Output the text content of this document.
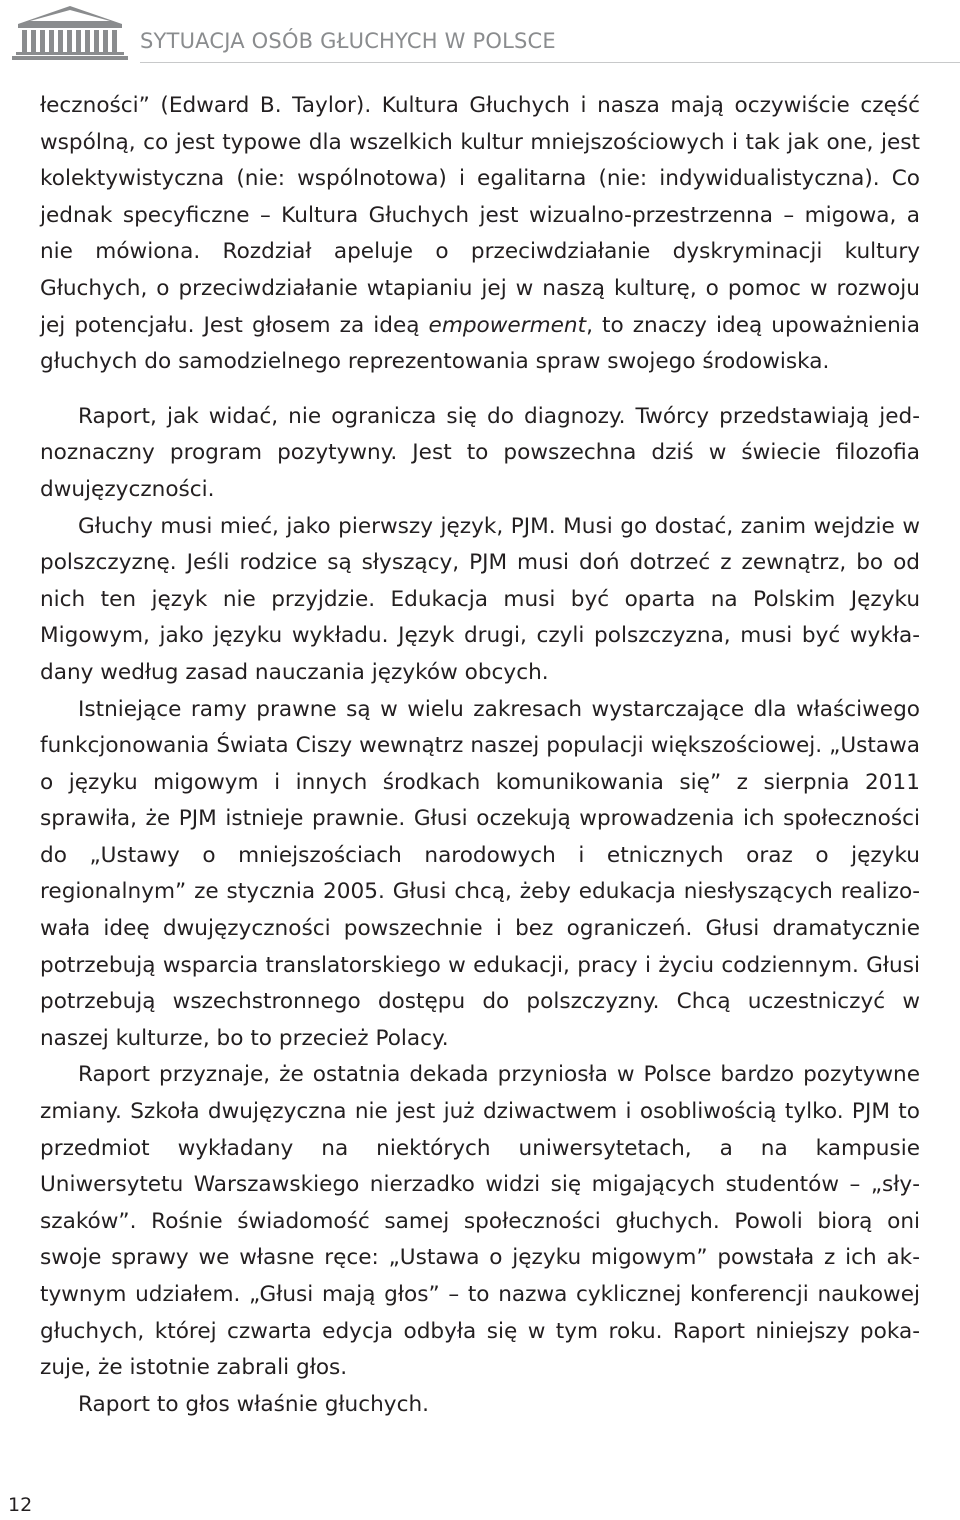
SYTUACJA OSÓB GŁUCHYCH W POLSCE

łeczności” (Edward B. Taylor). Kultura Głuchych i nasza mają oczywiście część wspólną, co jest typowe dla wszelkich kultur mniejszościowych i tak jak one, jest kolektywistyczna (nie: wspólnotowa) i egalitarna (nie: indywidualistyczna). Co jednak specyficzne – Kultura Głuchych jest wizualno-przestrzenna – migowa, a nie mówiona. Rozdział apeluje o przeciwdziałanie dyskryminacji kultury Głuchych, o przeciwdziałanie wtapianiu jej w naszą kulturę, o pomoc w rozwoju jej potencjału. Jest głosem za ideą empowerment, to znaczy ideą upoważnienia głuchych do samodzielnego reprezentowania spraw swojego środowiska.

Raport, jak widać, nie ogranicza się do diagnozy. Twórcy przedstawiają jednoznaczny program pozytywny. Jest to powszechna dziś w świecie filozofia dwujęzyczności.

Głuchy musi mieć, jako pierwszy język, PJM. Musi go dostać, zanim wejdzie w polszczyznę. Jeśli rodzice są słyszący, PJM musi doń dotrzeć z zewnątrz, bo od nich ten język nie przyjdzie. Edukacja musi być oparta na Polskim Języku Migowym, jako języku wykładu. Język drugi, czyli polszczyzna, musi być wykładany według zasad nauczania języków obcych.

Istniejące ramy prawne są w wielu zakresach wystarczające dla właściwego funkcjonowania Świata Ciszy wewnątrz naszej populacji większościowej. „Ustawa o języku migowym i innych środkach komunikowania się” z sierpnia 2011 sprawiła, że PJM istnieje prawnie. Głusi oczekują wprowadzenia ich społeczności do „Ustawy o mniejszościach narodowych i etnicznych oraz o języku regionalnym” ze stycznia 2005. Głusi chcą, żeby edukacja niesłyszących realizowała ideę dwujęzyczności powszechnie i bez ograniczeń. Głusi dramatycznie potrzebują wsparcia translatorskiego w edukacji, pracy i życiu codziennym. Głusi potrzebują wszechstronnego dostępu do polszczyzny. Chcą uczestniczyć w naszej kulturze, bo to przecież Polacy.

Raport przyznaje, że ostatnia dekada przyniosła w Polsce bardzo pozytywne zmiany. Szkoła dwujęzyczna nie jest już dziwactwem i osobliwością tylko. PJM to przedmiot wykładany na niektórych uniwersytetach, a na kampusie Uniwersytetu Warszawskiego nierzadko widzi się migających studentów – „słyszaków”. Rośnie świadomość samej społeczności głuchych. Powoli biorą oni swoje sprawy we własne ręce: „Ustawa o języku migowym” powstała z ich aktywnym udziałem. „Głusi mają głos” – to nazwa cyklicznej konferencji naukowej głuchych, której czwarta edycja odbyła się w tym roku. Raport niniejszy pokazuje, że istotnie zabrali głos.

Raport to głos właśnie głuchych.

12
